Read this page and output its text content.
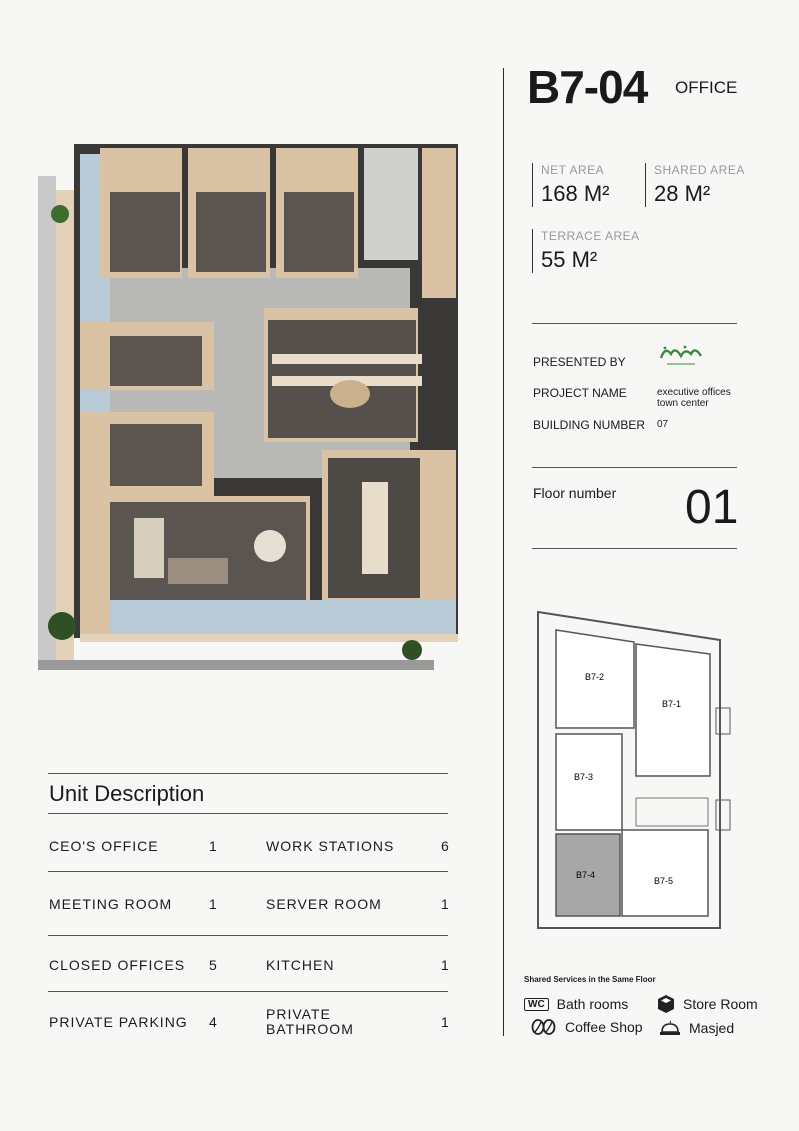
B7-04 OFFICE
NET AREA
168 M²
SHARED AREA
28 M²
TERRACE AREA
55 M²
PRESENTED BY
PROJECT NAME	executive offices
town center
BUILDING NUMBER 07
Floor number 01
Unit Description
CEO'S OFFICE	1	WORK STATIONS	6
MEETING ROOM	1	SERVER ROOM	1
CLOSED OFFICES 5	KITCHEN	1
PRIVATE PARKING 4	PRIVATE
BATHROOM	1
B7-2
B7-1
B7-3
B7-4
B7-5
Shared Services in the Same Floor
WC Bath rooms	Store Room
Coffee Shop	Masjed
